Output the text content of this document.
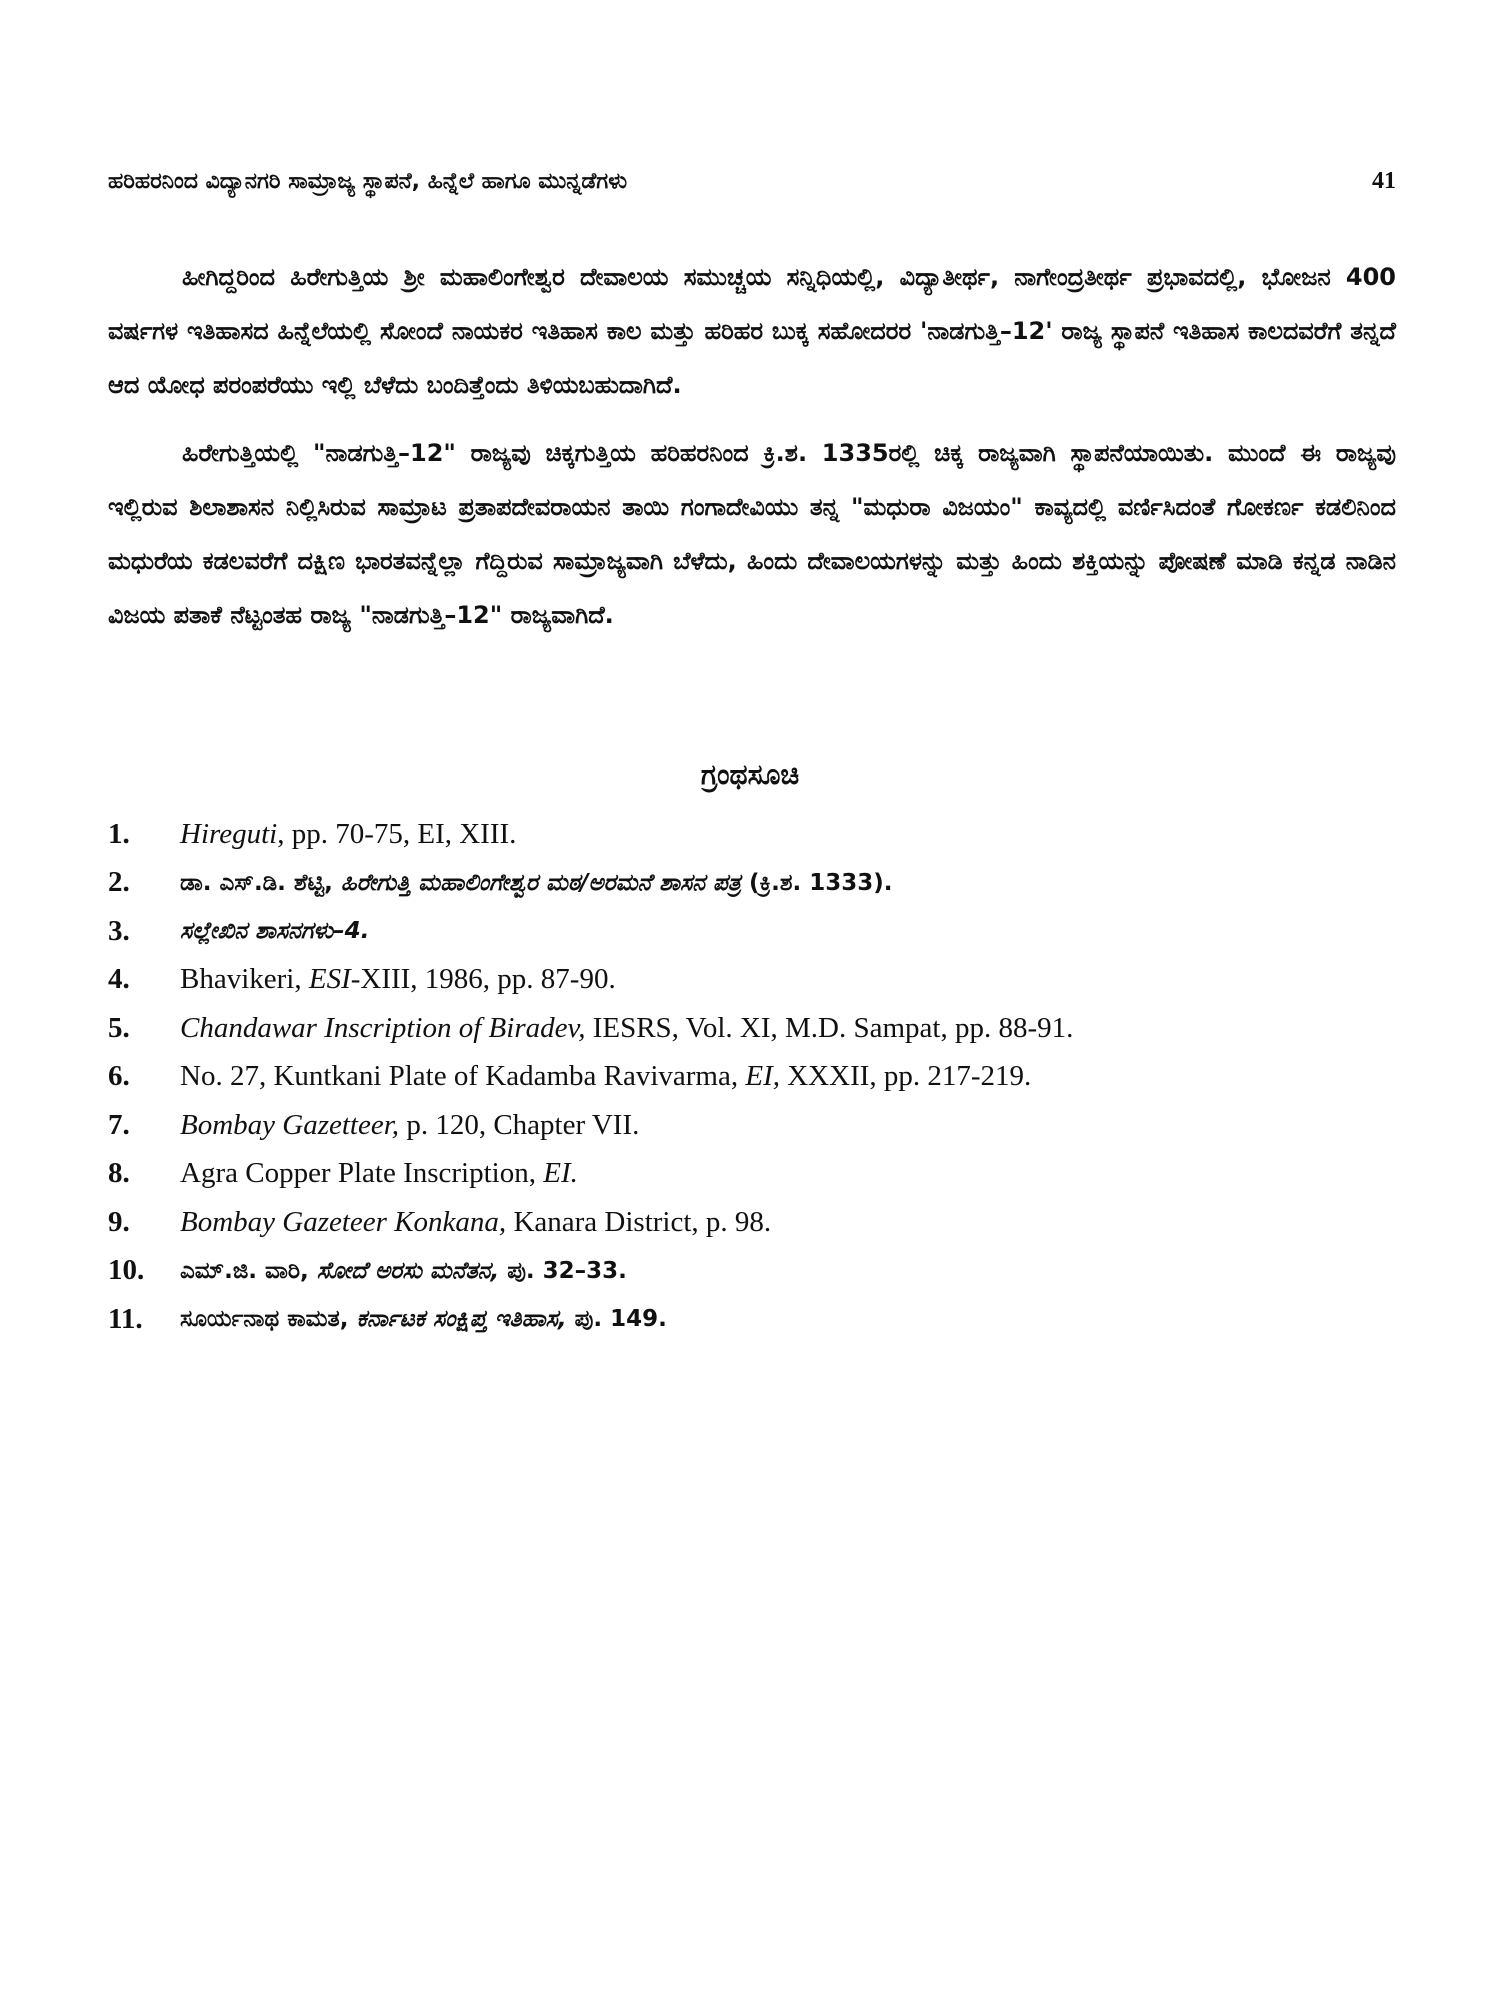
ಹರಿಹರನಿಂದ ವಿದ್ಯಾನಗರಿ ಸಾಮ್ರಾಜ್ಯ ಸ್ಥಾಪನೆ, ಹಿನ್ನೆಲೆ ಹಾಗೂ ಮುನ್ನಡೆಗಳು	41

ಹೀಗಿದ್ದರಿಂದ ಹಿರೇಗುತ್ತಿಯ ಶ್ರೀ ಮಹಾಲಿಂಗೇಶ್ವರ ದೇವಾಲಯ ಸಮುಚ್ಚಯ ಸನ್ನಿಧಿಯಲ್ಲಿ, ವಿದ್ಯಾತೀರ್ಥ, ನಾಗೇಂದ್ರತೀರ್ಥ ಪ್ರಭಾವದಲ್ಲಿ, ಭೋಜನ 400 ವರ್ಷಗಳ ಇತಿಹಾಸದ ಹಿನ್ನೆಲೆಯಲ್ಲಿ ಸೋಂದೆ ನಾಯಕರ ಇತಿಹಾಸ ಕಾಲ ಮತ್ತು ಹರಿಹರ ಬುಕ್ಕ ಸಹೋದರರ 'ನಾಡಗುತ್ತಿ–12' ರಾಜ್ಯ ಸ್ಥಾಪನೆ ಇತಿಹಾಸ ಕಾಲದವರೆಗೆ ತನ್ನದೆ ಆದ ಯೋಧ ಪರಂಪರೆಯು ಇಲ್ಲಿ ಬೆಳೆದು ಬಂದಿತ್ತೆಂದು ತಿಳಿಯಬಹುದಾಗಿದೆ.

ಹಿರೇಗುತ್ತಿಯಲ್ಲಿ "ನಾಡಗುತ್ತಿ–12" ರಾಜ್ಯವು ಚಿಕ್ಕಗುತ್ತಿಯ ಹರಿಹರನಿಂದ ಕ್ರಿ.ಶ. 1335ರಲ್ಲಿ ಚಿಕ್ಕ ರಾಜ್ಯವಾಗಿ ಸ್ಥಾಪನೆಯಾಯಿತು. ಮುಂದೆ ಈ ರಾಜ್ಯವು ಇಲ್ಲಿರುವ ಶಿಲಾಶಾಸನ ನಿಲ್ಲಿಸಿರುವ ಸಾಮ್ರಾಟ ಪ್ರತಾಪದೇವರಾಯನ ತಾಯಿ ಗಂಗಾದೇವಿಯು ತನ್ನ "ಮಧುರಾ ವಿಜಯಂ" ಕಾವ್ಯದಲ್ಲಿ ವರ್ಣಿಸಿದಂತೆ ಗೋಕರ್ಣ ಕಡಲಿನಿಂದ ಮಧುರೆಯ ಕಡಲವರೆಗೆ ದಕ್ಷಿಣ ಭಾರತವನ್ನೆಲ್ಲಾ ಗೆದ್ದಿರುವ ಸಾಮ್ರಾಜ್ಯವಾಗಿ ಬೆಳೆದು, ಹಿಂದು ದೇವಾಲಯಗಳನ್ನು ಮತ್ತು ಹಿಂದು ಶಕ್ತಿಯನ್ನು ಪೋಷಣೆ ಮಾಡಿ ಕನ್ನಡ ನಾಡಿನ ವಿಜಯ ಪತಾಕೆ ನೆಟ್ಟಂತಹ ರಾಜ್ಯ "ನಾಡಗುತ್ತಿ–12" ರಾಜ್ಯವಾಗಿದೆ.

ಗ್ರಂಥಸೂಚಿ
1.	Hireguti, pp. 70-75, EI, XIII.
2.	ಡಾ. ಎಸ್.ಡಿ. ಶೆಟ್ಟಿ, ಹಿರೇಗುತ್ತಿ ಮಹಾಲಿಂಗೇಶ್ವರ ಮಠ/ಅರಮನೆ ಶಾಸನ ಪತ್ರ (ಕ್ರಿ.ಶ. 1333).
3.	ಸಲ್ಲೇಖಿನ ಶಾಸನಗಳು–4.
4.	Bhavikeri, ESI-XIII, 1986, pp. 87-90.
5.	Chandawar Inscription of Biradev, IESRS, Vol. XI, M.D. Sampat, pp. 88-91.
6.	No. 27, Kuntkani Plate of Kadamba Ravivarma, EI, XXXII, pp. 217-219.
7.	Bombay Gazetteer, p. 120, Chapter VII.
8.	Agra Copper Plate Inscription, EI.
9.	Bombay Gazeteer Konkana, Kanara District, p. 98.
10.	ಎಮ್.ಜಿ. ವಾರಿ, ಸೋದೆ ಅರಸು ಮನೆತನ, ಪು. 32–33.
11.	ಸೂರ್ಯನಾಥ ಕಾಮತ, ಕರ್ನಾಟಕ ಸಂಕ್ಷಿಪ್ತ ಇತಿಹಾಸ, ಪು. 149.
